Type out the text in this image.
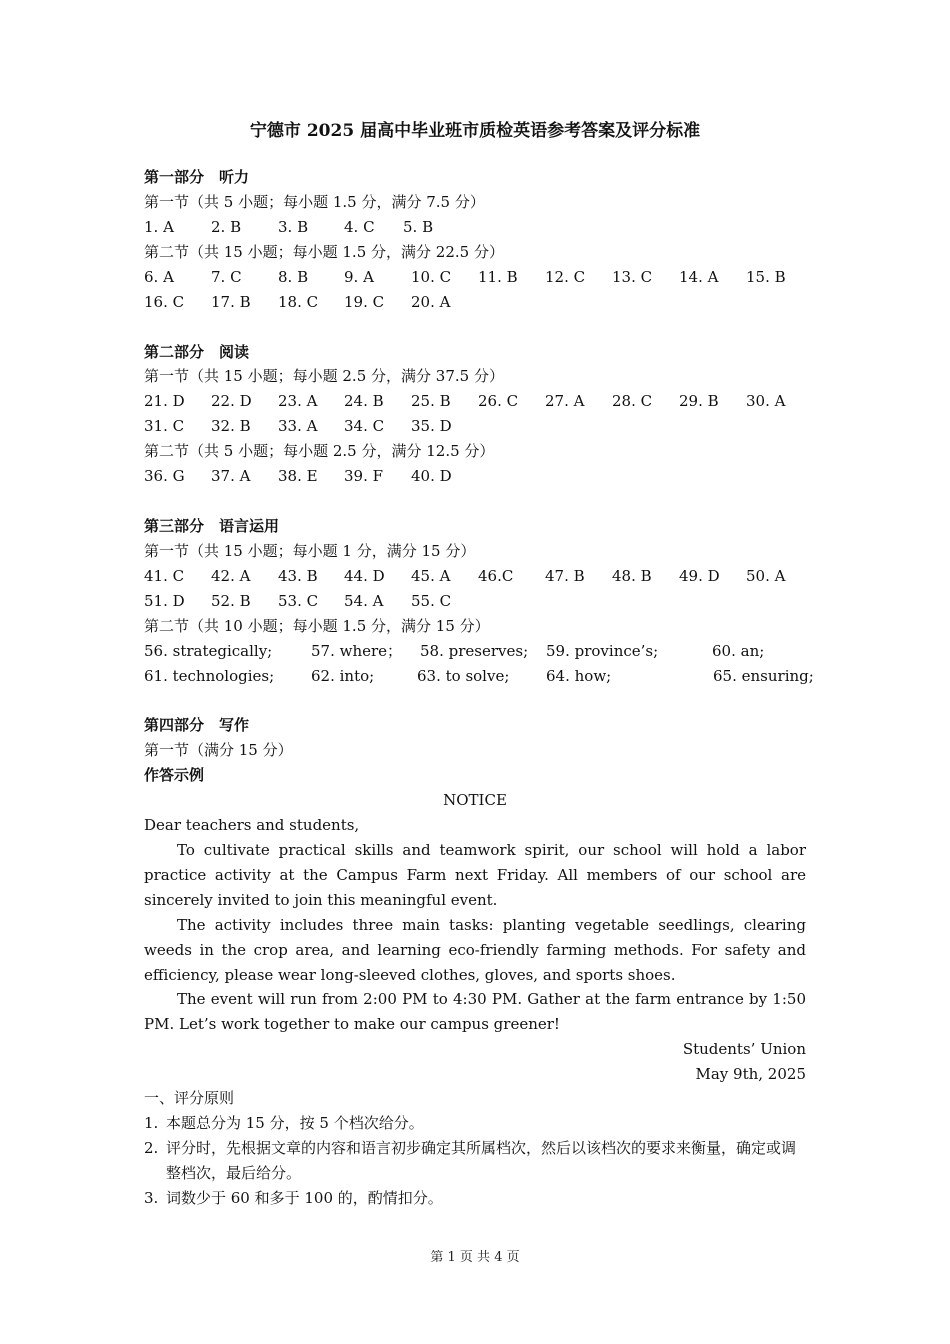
宁德市 2025 届高中毕业班市质检英语参考答案及评分标准
第一部分　听力
第一节（共 5 小题；每小题 1.5 分，满分 7.5 分）
1. A 2. B 3. B 4. C 5. B
第二节（共 15 小题；每小题 1.5 分，满分 22.5 分）
6. A 7. C 8. B 9. A 10. C 11. B 12. C 13. C 14. A 15. B
16. C 17. B 18. C 19. C 20. A
第二部分　阅读
第一节（共 15 小题；每小题 2.5 分，满分 37.5 分）
21. D 22. D 23. A 24. B 25. B 26. C 27. A 28. C 29. B 30. A
31. C 32. B 33. A 34. C 35. D
第二节（共 5 小题；每小题 2.5 分，满分 12.5 分）
36. G 37. A 38. E 39. F 40. D
第三部分　语言运用
第一节（共 15 小题；每小题 1 分，满分 15 分）
41. C 42. A 43. B 44. D 45. A 46.C 47. B 48. B 49. D 50. A
51. D 52. B 53. C 54. A 55. C
第二节（共 10 小题；每小题 1.5 分，满分 15 分）
56. strategically;	57. where； 58. preserves; 59. province’s;	60. an;
61. technologies; 62. into;	63. to solve; 64. how;	65. ensuring;
第四部分　写作
第一节（满分 15 分）
作答示例
NOTICE
Dear teachers and students,
To cultivate practical skills and teamwork spirit, our school will hold a labor practice activity at the Campus Farm next Friday. All members of our school are sincerely invited to join this meaningful event.
The activity includes three main tasks: planting vegetable seedlings, clearing weeds in the crop area, and learning eco-friendly farming methods. For safety and efficiency, please wear long-sleeved clothes, gloves, and sports shoes.
The event will run from 2:00 PM to 4:30 PM. Gather at the farm entrance by 1:50 PM. Let’s work together to make our campus greener!
Students’ Union
May 9th, 2025
一、评分原则
1. 本题总分为 15 分，按 5 个档次给分。
2. 评分时，先根据文章的内容和语言初步确定其所属档次，然后以该档次的要求来衡量，确定或调整档次，最后给分。
3. 词数少于 60 和多于 100 的，酌情扣分。
第 1 页 共 4 页
